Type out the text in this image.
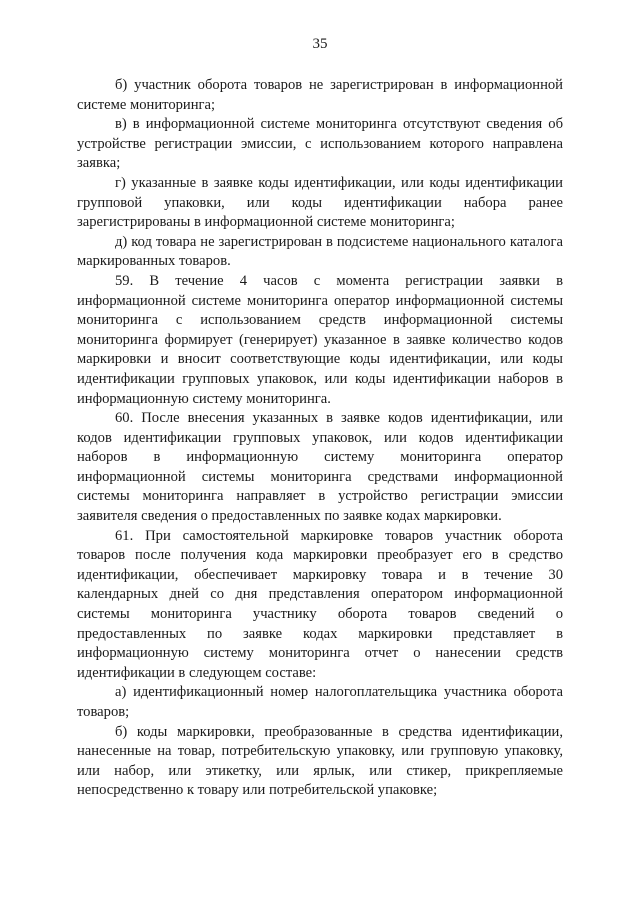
35

б) участник оборота товаров не зарегистрирован в информационной системе мониторинга;

в) в информационной системе мониторинга отсутствуют сведения об устройстве регистрации эмиссии, с использованием которого направлена заявка;

г) указанные в заявке коды идентификации, или коды идентификации групповой упаковки, или коды идентификации набора ранее зарегистрированы в информационной системе мониторинга;

д) код товара не зарегистрирован в подсистеме национального каталога маркированных товаров.

59. В течение 4 часов с момента регистрации заявки в информационной системе мониторинга оператор информационной системы мониторинга с использованием средств информационной системы мониторинга формирует (генерирует) указанное в заявке количество кодов маркировки и вносит соответствующие коды идентификации, или коды идентификации групповых упаковок, или коды идентификации наборов в информационную систему мониторинга.

60. После внесения указанных в заявке кодов идентификации, или кодов идентификации групповых упаковок, или кодов идентификации наборов в информационную систему мониторинга оператор информационной системы мониторинга средствами информационной системы мониторинга направляет в устройство регистрации эмиссии заявителя сведения о предоставленных по заявке кодах маркировки.

61. При самостоятельной маркировке товаров участник оборота товаров после получения кода маркировки преобразует его в средство идентификации, обеспечивает маркировку товара и в течение 30 календарных дней со дня представления оператором информационной системы мониторинга участнику оборота товаров сведений о предоставленных по заявке кодах маркировки представляет в информационную систему мониторинга отчет о нанесении средств идентификации в следующем составе:

а) идентификационный номер налогоплательщика участника оборота товаров;

б) коды маркировки, преобразованные в средства идентификации, нанесенные на товар, потребительскую упаковку, или групповую упаковку, или набор, или этикетку, или ярлык, или стикер, прикрепляемые непосредственно к товару или потребительской упаковке;
